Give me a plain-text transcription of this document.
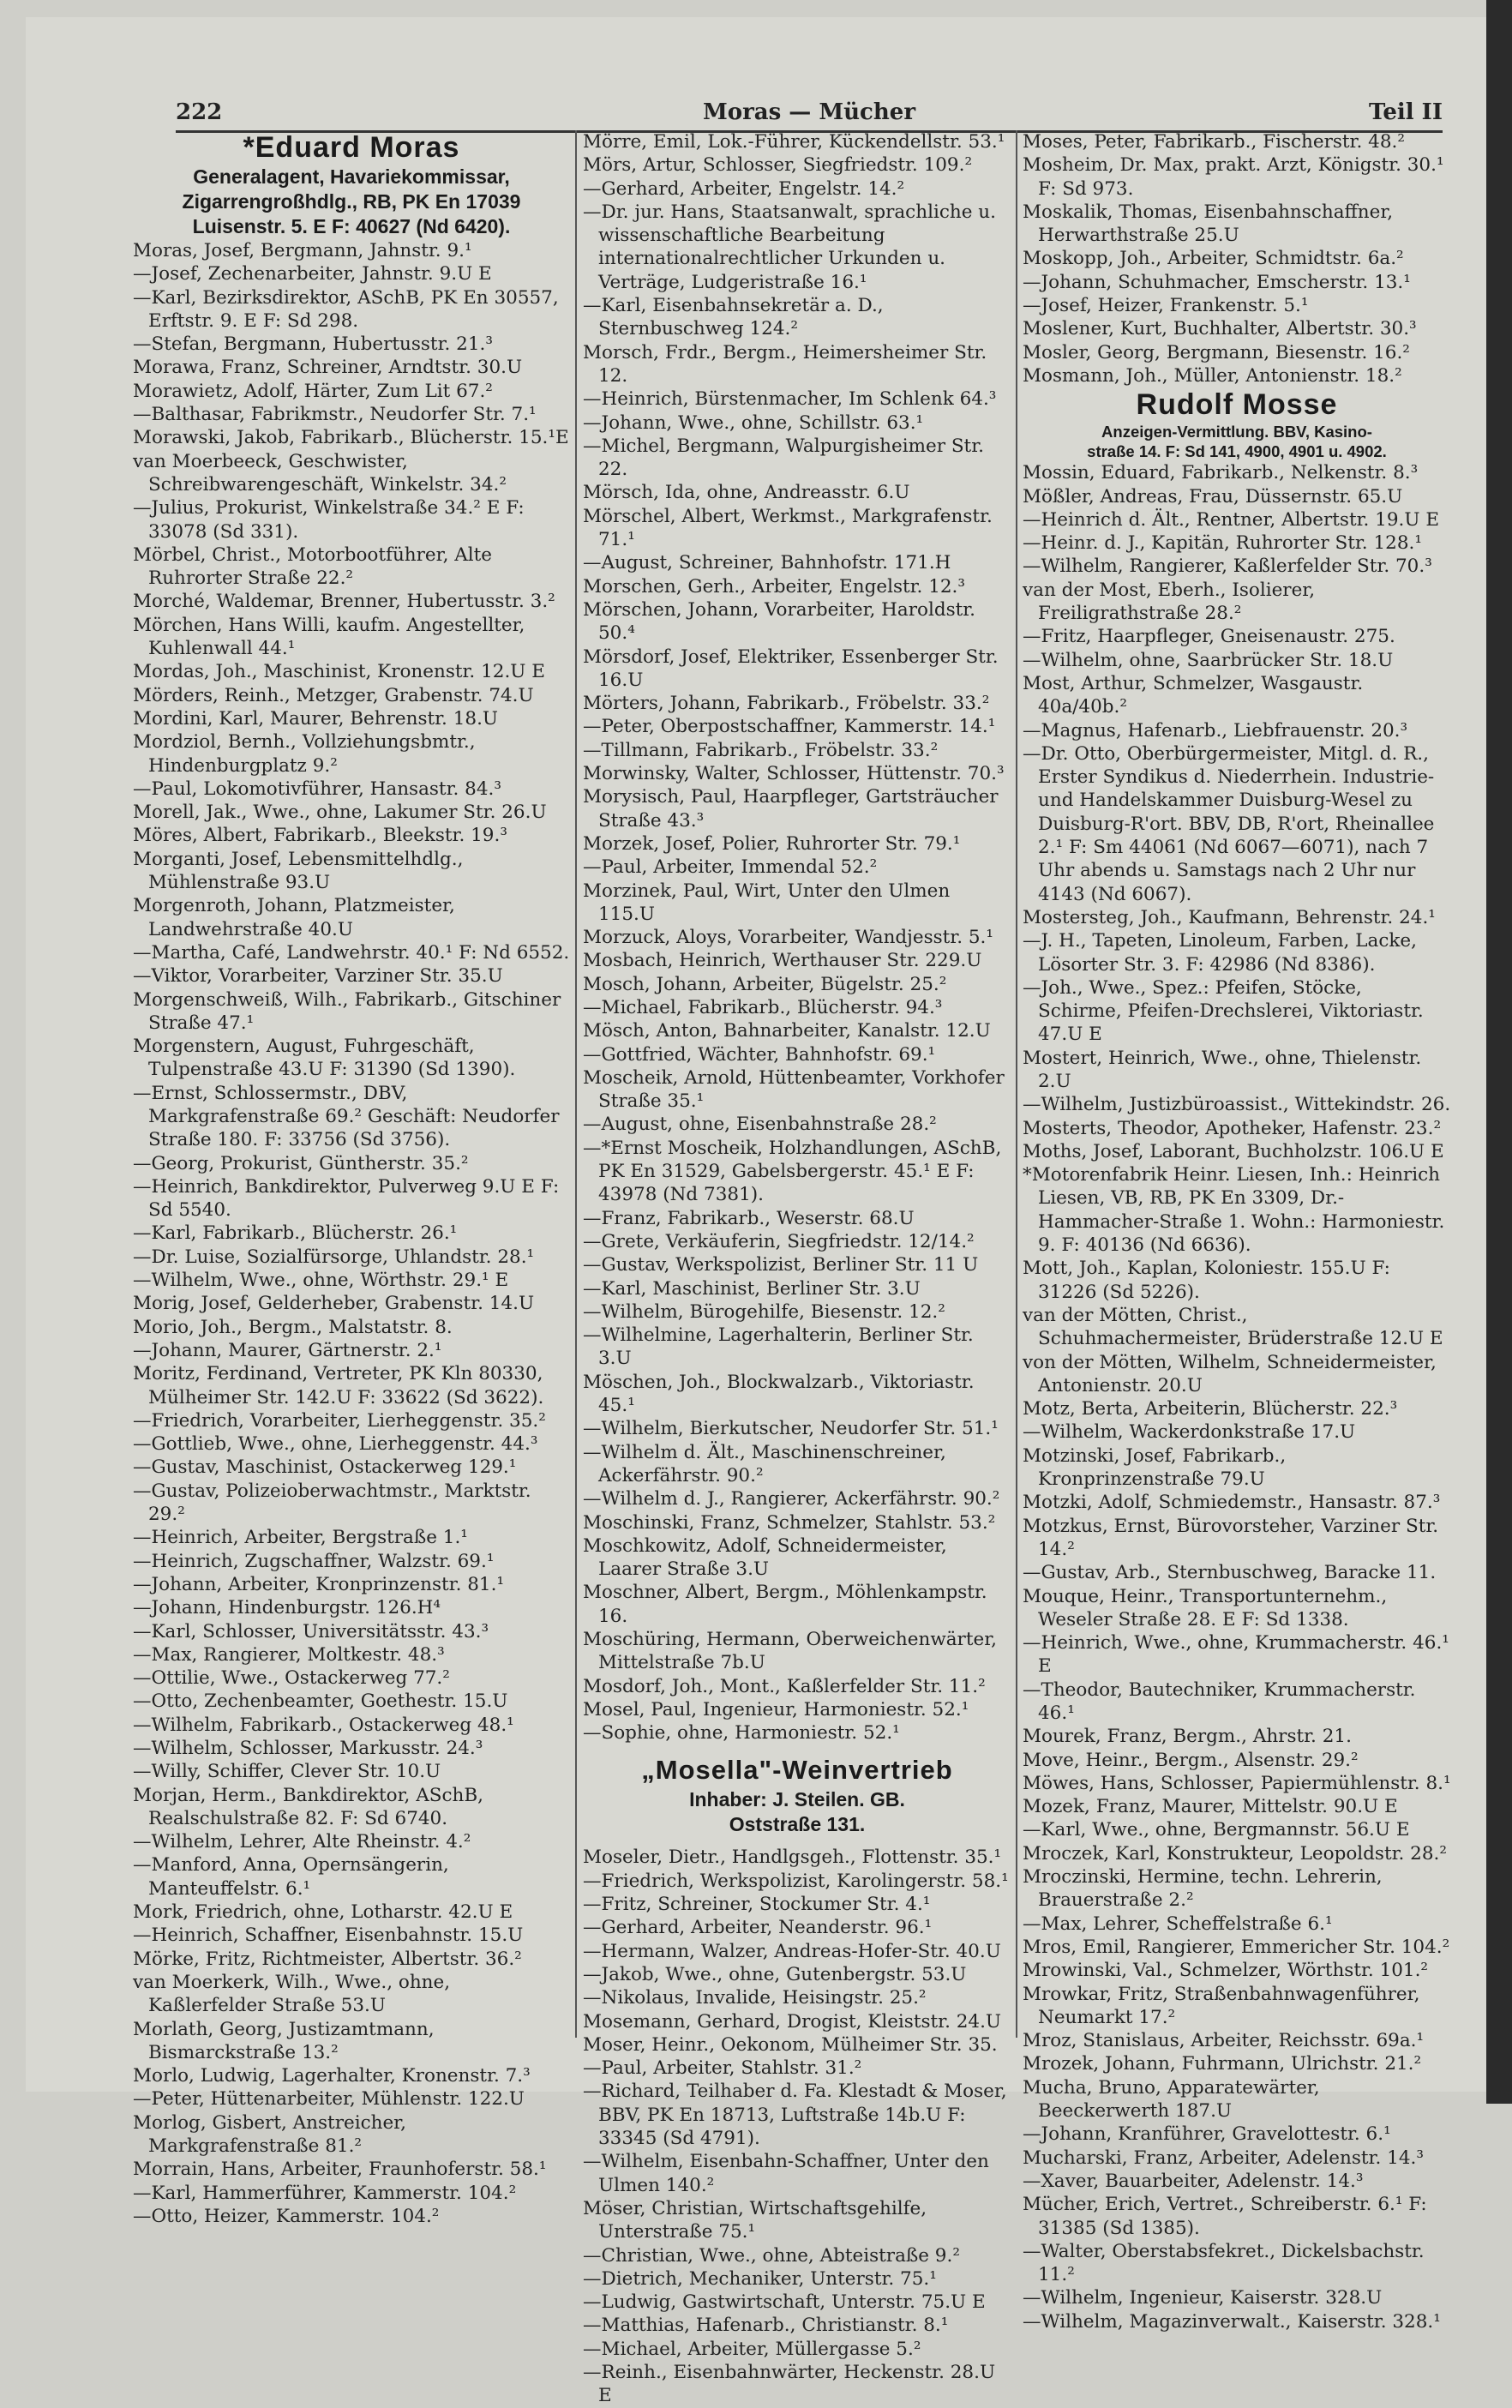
222	Moras — Mücher	Teil II
*Eduard Moras
Generalagent, Havariekommissar,
Zigarrengroßhdlg., RB, PK En 17039
Luisenstr. 5. E F: 40627 (Nd 6420).
Moras, Josef, Bergmann, Jahnstr. 9.¹
—Josef, Zechenarbeiter, Jahnstr. 9.U E
—Karl, Bezirksdirektor, ASchB, PK En 30557, Erftstr. 9. E F: Sd 298.
—Stefan, Bergmann, Hubertusstr. 21.³
Morawa, Franz, Schreiner, Arndtstr. 30.U
Morawietz, Adolf, Härter, Zum Lit 67.²
—Balthasar, Fabrikmstr., Neudorfer Str. 7.¹
Morawski, Jakob, Fabrikarb., Blücherstr. 15.¹E
van Moerbeeck, Geschwister, Schreibwarengeschäft, Winkelstr. 34.²
—Julius, Prokurist, Winkelstraße 34.² E F: 33078 (Sd 331).
Mörbel, Christ., Motorbootführer, Alte Ruhrorter Straße 22.²
Morché, Waldemar, Brenner, Hubertusstr. 3.²
Mörchen, Hans Willi, kaufm. Angestellter, Kuhlenwall 44.¹
Mordas, Joh., Maschinist, Kronenstr. 12.U E
Mörders, Reinh., Metzger, Grabenstr. 74.U
Mordini, Karl, Maurer, Behrenstr. 18.U
Mordziol, Bernh., Vollziehungsbmtr., Hindenburgplatz 9.²
—Paul, Lokomotivführer, Hansastr. 84.³
Morell, Jak., Wwe., ohne, Lakumer Str. 26.U
Möres, Albert, Fabrikarb., Bleekstr. 19.³
Morganti, Josef, Lebensmittelhdlg., Mühlenstraße 93.U
Morgenroth, Johann, Platzmeister, Landwehrstraße 40.U
—Martha, Café, Landwehrstr. 40.¹ F: Nd 6552.
—Viktor, Vorarbeiter, Varziner Str. 35.U
Morgenschweiß, Wilh., Fabrikarb., Gitschiner Straße 47.¹
Morgenstern, August, Fuhrgeschäft, Tulpenstraße 43.U F: 31390 (Sd 1390).
—Ernst, Schlossermstr., DBV, Markgrafenstraße 69.² Geschäft: Neudorfer Straße 180. F: 33756 (Sd 3756).
—Georg, Prokurist, Güntherstr. 35.²
—Heinrich, Bankdirektor, Pulverweg 9.U E F: Sd 5540.
—Karl, Fabrikarb., Blücherstr. 26.¹
—Dr. Luise, Sozialfürsorge, Uhlandstr. 28.¹
—Wilhelm, Wwe., ohne, Wörthstr. 29.¹ E
Morig, Josef, Gelderheber, Grabenstr. 14.U
Morio, Joh., Bergm., Malstatstr. 8.
—Johann, Maurer, Gärtnerstr. 2.¹
Moritz, Ferdinand, Vertreter, PK Kln 80330, Mülheimer Str. 142.U F: 33622 (Sd 3622).
—Friedrich, Vorarbeiter, Lierheggenstr. 35.²
—Gottlieb, Wwe., ohne, Lierheggenstr. 44.³
—Gustav, Maschinist, Ostackerweg 129.¹
—Gustav, Polizeioberwachtmstr., Marktstr. 29.²
—Heinrich, Arbeiter, Bergstraße 1.¹
—Heinrich, Zugschaffner, Walzstr. 69.¹
—Johann, Arbeiter, Kronprinzenstr. 81.¹
—Johann, Hindenburgstr. 126.H⁴
—Karl, Schlosser, Universitätsstr. 43.³
—Max, Rangierer, Moltkestr. 48.³
—Ottilie, Wwe., Ostackerweg 77.²
—Otto, Zechenbeamter, Goethestr. 15.U
—Wilhelm, Fabrikarb., Ostackerweg 48.¹
—Wilhelm, Schlosser, Markusstr. 24.³
—Willy, Schiffer, Clever Str. 10.U
Morjan, Herm., Bankdirektor, ASchB, Realschulstraße 82. F: Sd 6740.
—Wilhelm, Lehrer, Alte Rheinstr. 4.²
—Manford, Anna, Opernsängerin, Manteuffelstr. 6.¹
Mork, Friedrich, ohne, Lotharstr. 42.U E
—Heinrich, Schaffner, Eisenbahnstr. 15.U
Mörke, Fritz, Richtmeister, Albertstr. 36.²
van Moerkerk, Wilh., Wwe., ohne, Kaßlerfelder Straße 53.U
Morlath, Georg, Justizamtmann, Bismarckstraße 13.²
Morlo, Ludwig, Lagerhalter, Kronenstr. 7.³
—Peter, Hüttenarbeiter, Mühlenstr. 122.U
Morlog, Gisbert, Anstreicher, Markgrafenstraße 81.²
Morrain, Hans, Arbeiter, Fraunhoferstr. 58.¹
—Karl, Hammerführer, Kammerstr. 104.²
—Otto, Heizer, Kammerstr. 104.²
Mörre, Emil, Lok.-Führer, Kückendellstr. 53.¹
Mörs, Artur, Schlosser, Siegfriedstr. 109.²
—Gerhard, Arbeiter, Engelstr. 14.²
—Dr. jur. Hans, Staatsanwalt, sprachliche u. wissenschaftliche Bearbeitung internationalrechtlicher Urkunden u. Verträge, Ludgeristraße 16.¹
—Karl, Eisenbahnsekretär a. D., Sternbuschweg 124.²
Morsch, Frdr., Bergm., Heimersheimer Str. 12.
—Heinrich, Bürstenmacher, Im Schlenk 64.³
—Johann, Wwe., ohne, Schillstr. 63.¹
—Michel, Bergmann, Walpurgisheimer Str. 22.
Mörsch, Ida, ohne, Andreasstr. 6.U
Mörschel, Albert, Werkmst., Markgrafenstr. 71.¹
—August, Schreiner, Bahnhofstr. 171.H
Morschen, Gerh., Arbeiter, Engelstr. 12.³
Mörschen, Johann, Vorarbeiter, Haroldstr. 50.⁴
Mörsdorf, Josef, Elektriker, Essenberger Str. 16.U
Mörters, Johann, Fabrikarb., Fröbelstr. 33.²
—Peter, Oberpostschaffner, Kammerstr. 14.¹
—Tillmann, Fabrikarb., Fröbelstr. 33.²
Morwinsky, Walter, Schlosser, Hüttenstr. 70.³
Morysisch, Paul, Haarpfleger, Gartsträucher Straße 43.³
Morzek, Josef, Polier, Ruhrorter Str. 79.¹
—Paul, Arbeiter, Immendal 52.²
Morzinek, Paul, Wirt, Unter den Ulmen 115.U
Morzuck, Aloys, Vorarbeiter, Wandjesstr. 5.¹
Mosbach, Heinrich, Werthauser Str. 229.U
Mosch, Johann, Arbeiter, Bügelstr. 25.²
—Michael, Fabrikarb., Blücherstr. 94.³
Mösch, Anton, Bahnarbeiter, Kanalstr. 12.U
—Gottfried, Wächter, Bahnhofstr. 69.¹
Moscheik, Arnold, Hüttenbeamter, Vorkhofer Straße 35.¹
—August, ohne, Eisenbahnstraße 28.²
—*Ernst Moscheik, Holzhandlungen, ASchB, PK En 31529, Gabelsbergerstr. 45.¹ E F: 43978 (Nd 7381).
—Franz, Fabrikarb., Weserstr. 68.U
—Grete, Verkäuferin, Siegfriedstr. 12/14.²
—Gustav, Werkspolizist, Berliner Str. 11 U
—Karl, Maschinist, Berliner Str. 3.U
—Wilhelm, Bürogehilfe, Biesenstr. 12.²
—Wilhelmine, Lagerhalterin, Berliner Str. 3.U
Möschen, Joh., Blockwalzarb., Viktoriastr. 45.¹
—Wilhelm, Bierkutscher, Neudorfer Str. 51.¹
—Wilhelm d. Ält., Maschinenschreiner, Ackerfährstr. 90.²
—Wilhelm d. J., Rangierer, Ackerfährstr. 90.²
Moschinski, Franz, Schmelzer, Stahlstr. 53.²
Moschkowitz, Adolf, Schneidermeister, Laarer Straße 3.U
Moschner, Albert, Bergm., Möhlenkampstr. 16.
Moschüring, Hermann, Oberweichenwärter, Mittelstraße 7b.U
Mosdorf, Joh., Mont., Kaßlerfelder Str. 11.²
Mosel, Paul, Ingenieur, Harmoniestr. 52.¹
—Sophie, ohne, Harmoniestr. 52.¹
„Mosella"-Weinvertrieb
Inhaber: J. Steilen. GB.
Oststraße 131.
Moseler, Dietr., Handlgsgeh., Flottenstr. 35.¹
—Friedrich, Werkspolizist, Karolingerstr. 58.¹
—Fritz, Schreiner, Stockumer Str. 4.¹
—Gerhard, Arbeiter, Neanderstr. 96.¹
—Hermann, Walzer, Andreas-Hofer-Str. 40.U
—Jakob, Wwe., ohne, Gutenbergstr. 53.U
—Nikolaus, Invalide, Heisingstr. 25.²
Mosemann, Gerhard, Drogist, Kleiststr. 24.U
Moser, Heinr., Oekonom, Mülheimer Str. 35.
—Paul, Arbeiter, Stahlstr. 31.²
—Richard, Teilhaber d. Fa. Klestadt & Moser, BBV, PK En 18713, Luftstraße 14b.U F: 33345 (Sd 4791).
—Wilhelm, Eisenbahn-Schaffner, Unter den Ulmen 140.²
Möser, Christian, Wirtschaftsgehilfe, Unterstraße 75.¹
—Christian, Wwe., ohne, Abteistraße 9.²
—Dietrich, Mechaniker, Unterstr. 75.¹
—Ludwig, Gastwirtschaft, Unterstr. 75.U E
—Matthias, Hafenarb., Christianstr. 8.¹
—Michael, Arbeiter, Müllergasse 5.²
—Reinh., Eisenbahnwärter, Heckenstr. 28.U E
Moses, Peter, Fabrikarb., Fischerstr. 48.²
Mosheim, Dr. Max, prakt. Arzt, Königstr. 30.¹ F: Sd 973.
Moskalik, Thomas, Eisenbahnschaffner, Herwarthstraße 25.U
Moskopp, Joh., Arbeiter, Schmidtstr. 6a.²
—Johann, Schuhmacher, Emscherstr. 13.¹
—Josef, Heizer, Frankenstr. 5.¹
Moslener, Kurt, Buchhalter, Albertstr. 30.³
Mosler, Georg, Bergmann, Biesenstr. 16.²
Mosmann, Joh., Müller, Antonienstr. 18.²
Rudolf Mosse
Anzeigen-Vermittlung. BBV, Kasino-
straße 14. F: Sd 141, 4900, 4901 u. 4902.
Mossin, Eduard, Fabrikarb., Nelkenstr. 8.³
Mößler, Andreas, Frau, Düssernstr. 65.U
—Heinrich d. Ält., Rentner, Albertstr. 19.U E
—Heinr. d. J., Kapitän, Ruhrorter Str. 128.¹
—Wilhelm, Rangierer, Kaßlerfelder Str. 70.³
van der Most, Eberh., Isolierer, Freiligrathstraße 28.²
—Fritz, Haarpfleger, Gneisenaustr. 275.
—Wilhelm, ohne, Saarbrücker Str. 18.U
Most, Arthur, Schmelzer, Wasgaustr. 40a/40b.²
—Magnus, Hafenarb., Liebfrauenstr. 20.³
—Dr. Otto, Oberbürgermeister, Mitgl. d. R., Erster Syndikus d. Niederrhein. Industrie- und Handelskammer Duisburg-Wesel zu Duisburg-R'ort. BBV, DB, R'ort, Rheinallee 2.¹ F: Sm 44061 (Nd 6067—6071), nach 7 Uhr abends u. Samstags nach 2 Uhr nur 4143 (Nd 6067).
Mostersteg, Joh., Kaufmann, Behrenstr. 24.¹
—J. H., Tapeten, Linoleum, Farben, Lacke, Lösorter Str. 3. F: 42986 (Nd 8386).
—Joh., Wwe., Spez.: Pfeifen, Stöcke, Schirme, Pfeifen-Drechslerei, Viktoriastr. 47.U E
Mostert, Heinrich, Wwe., ohne, Thielenstr. 2.U
—Wilhelm, Justizbüroassist., Wittekindstr. 26.
Mosterts, Theodor, Apotheker, Hafenstr. 23.²
Moths, Josef, Laborant, Buchholzstr. 106.U E
*Motorenfabrik Heinr. Liesen, Inh.: Heinrich Liesen, VB, RB, PK En 3309, Dr.-Hammacher-Straße 1. Wohn.: Harmoniestr. 9. F: 40136 (Nd 6636).
Mott, Joh., Kaplan, Koloniestr. 155.U F: 31226 (Sd 5226).
van der Mötten, Christ., Schuhmachermeister, Brüderstraße 12.U E
von der Mötten, Wilhelm, Schneidermeister, Antonienstr. 20.U
Motz, Berta, Arbeiterin, Blücherstr. 22.³
—Wilhelm, Wackerdonkstraße 17.U
Motzinski, Josef, Fabrikarb., Kronprinzenstraße 79.U
Motzki, Adolf, Schmiedemstr., Hansastr. 87.³
Motzkus, Ernst, Bürovorsteher, Varziner Str. 14.²
—Gustav, Arb., Sternbuschweg, Baracke 11.
Mouque, Heinr., Transportunternehm., Weseler Straße 28. E F: Sd 1338.
—Heinrich, Wwe., ohne, Krummacherstr. 46.¹ E
—Theodor, Bautechniker, Krummacherstr. 46.¹
Mourek, Franz, Bergm., Ahrstr. 21.
Move, Heinr., Bergm., Alsenstr. 29.²
Möwes, Hans, Schlosser, Papiermühlenstr. 8.¹
Mozek, Franz, Maurer, Mittelstr. 90.U E
—Karl, Wwe., ohne, Bergmannstr. 56.U E
Mroczek, Karl, Konstrukteur, Leopoldstr. 28.²
Mroczinski, Hermine, techn. Lehrerin, Brauerstraße 2.²
—Max, Lehrer, Scheffelstraße 6.¹
Mros, Emil, Rangierer, Emmericher Str. 104.²
Mrowinski, Val., Schmelzer, Wörthstr. 101.²
Mrowkar, Fritz, Straßenbahnwagenführer, Neumarkt 17.²
Mroz, Stanislaus, Arbeiter, Reichsstr. 69a.¹
Mrozek, Johann, Fuhrmann, Ulrichstr. 21.²
Mucha, Bruno, Apparatewärter, Beeckerwerth 187.U
—Johann, Kranführer, Gravelottestr. 6.¹
Mucharski, Franz, Arbeiter, Adelenstr. 14.³
—Xaver, Bauarbeiter, Adelenstr. 14.³
Mücher, Erich, Vertret., Schreiberstr. 6.¹ F: 31385 (Sd 1385).
—Walter, Oberstabsfekret., Dickelsbachstr. 11.²
—Wilhelm, Ingenieur, Kaiserstr. 328.U
—Wilhelm, Magazinverwalt., Kaiserstr. 328.¹
